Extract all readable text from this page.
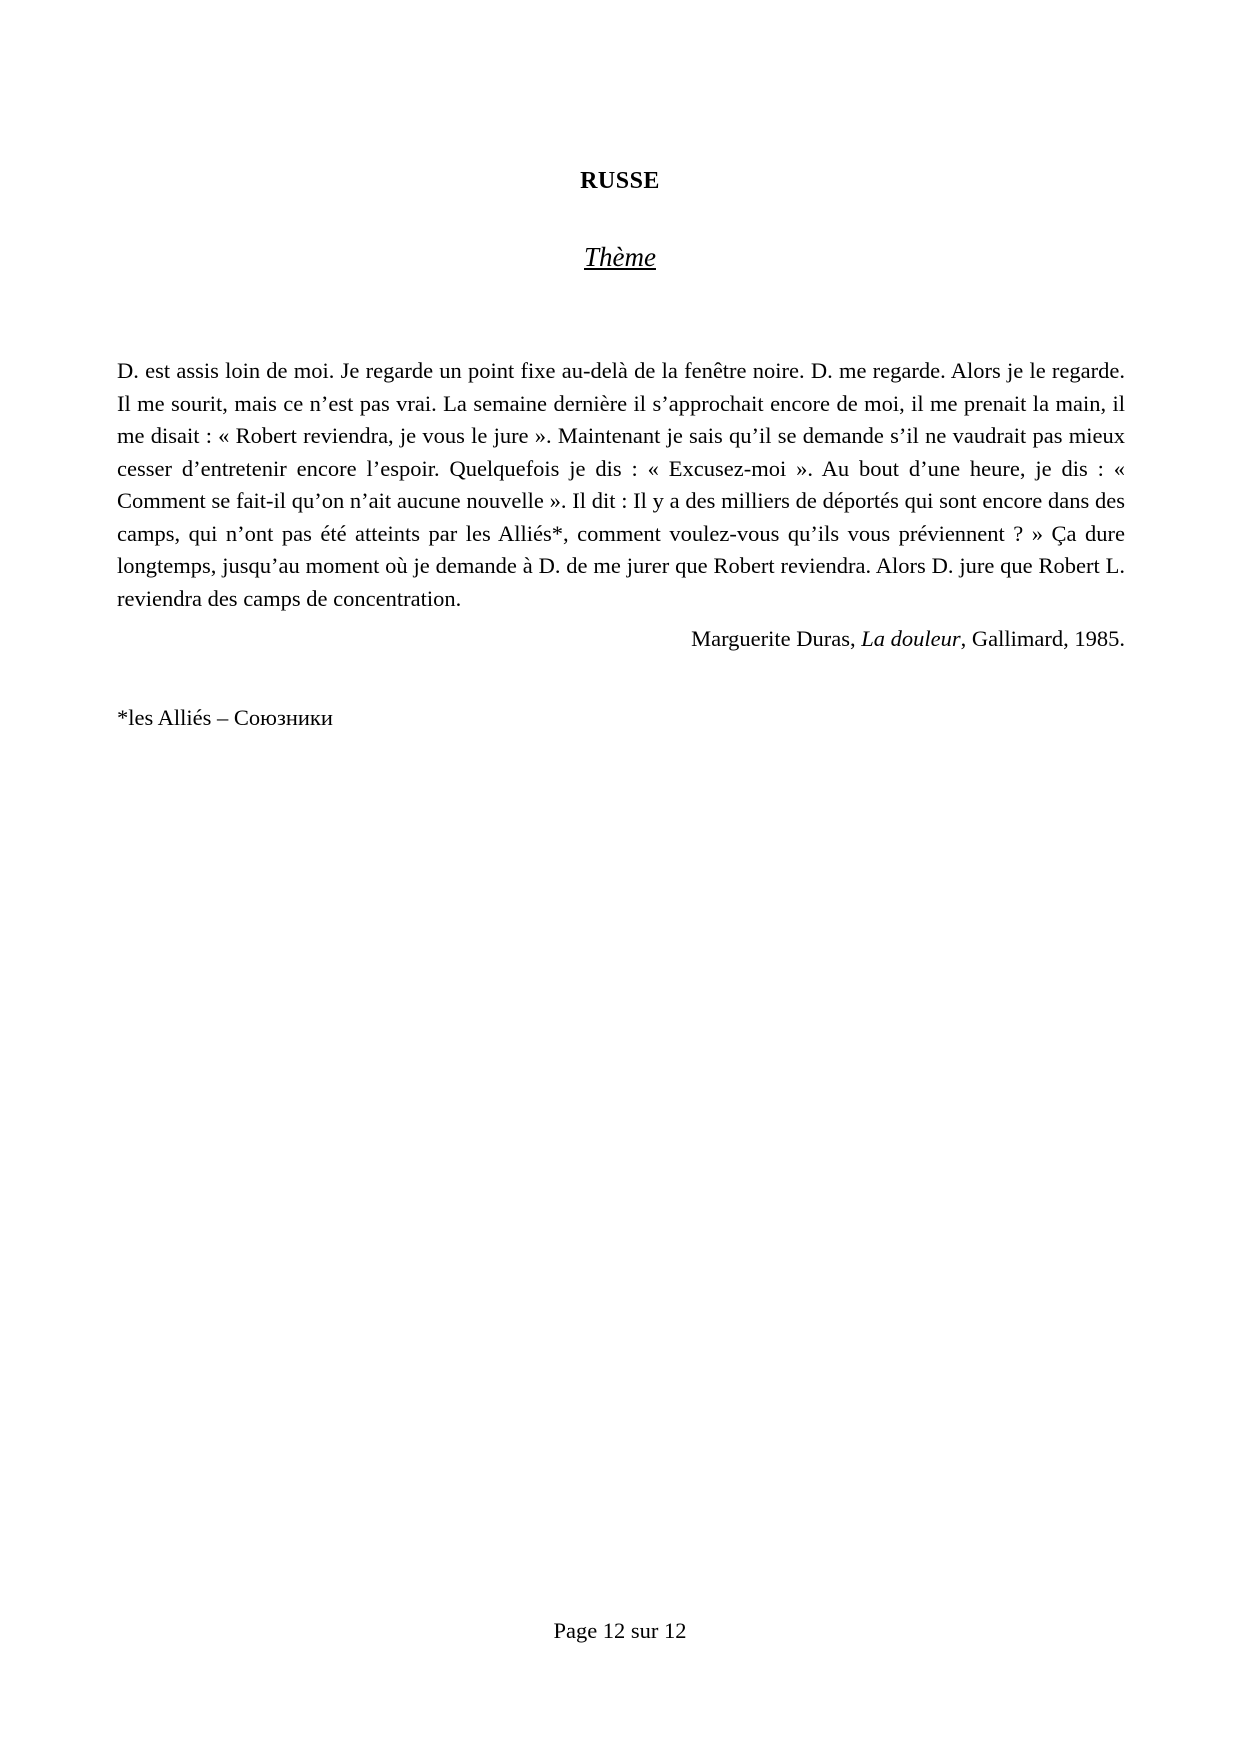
RUSSE
Thème

D. est assis loin de moi. Je regarde un point fixe au-delà de la fenêtre noire. D. me regarde. Alors je le regarde. Il me sourit, mais ce n’est pas vrai. La semaine dernière il s’approchait encore de moi, il me prenait la main, il me disait : « Robert reviendra, je vous le jure ». Maintenant je sais qu’il se demande s’il ne vaudrait pas mieux cesser d’entretenir encore l’espoir. Quelquefois je dis : « Excusez-moi ». Au bout d’une heure, je dis : « Comment se fait-il qu’on n’ait aucune nouvelle ». Il dit : Il y a des milliers de déportés qui sont encore dans des camps, qui n’ont pas été atteints par les Alliés*, comment voulez-vous qu’ils vous préviennent ? » Ça dure longtemps, jusqu’au moment où je demande à D. de me jurer que Robert reviendra. Alors D. jure que Robert L. reviendra des camps de concentration.

Marguerite Duras, La douleur, Gallimard, 1985.

*les Alliés – Союзники

Page 12 sur 12
